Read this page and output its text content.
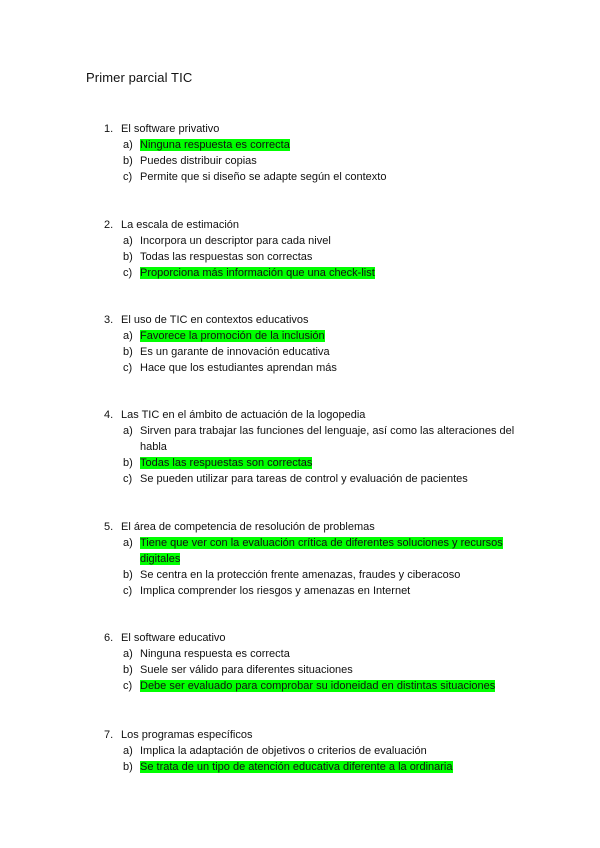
Primer parcial TIC
1. El software privativo
a) Ninguna respuesta es correcta
b) Puedes distribuir copias
c) Permite que si diseño se adapte según el contexto
2. La escala de estimación
a) Incorpora un descriptor para cada nivel
b) Todas las respuestas son correctas
c) Proporciona más información que una check-list
3. El uso de TIC en contextos educativos
a) Favorece la promoción de la inclusión
b) Es un garante de innovación educativa
c) Hace que los estudiantes aprendan más
4. Las TIC en el ámbito de actuación de la logopedia
a) Sirven para trabajar las funciones del lenguaje, así como las alteraciones del habla
b) Todas las respuestas son correctas
c) Se pueden utilizar para tareas de control y evaluación de pacientes
5. El área de competencia de resolución de problemas
a) Tiene que ver con la evaluación crítica de diferentes soluciones y recursos digitales
b) Se centra en la protección frente amenazas, fraudes y ciberacoso
c) Implica comprender los riesgos y amenazas en Internet
6. El software educativo
a) Ninguna respuesta es correcta
b) Suele ser válido para diferentes situaciones
c) Debe ser evaluado para comprobar su idoneidad en distintas situaciones
7. Los programas específicos
a) Implica la adaptación de objetivos o criterios de evaluación
b) Se trata de un tipo de atención educativa diferente a la ordinaria
